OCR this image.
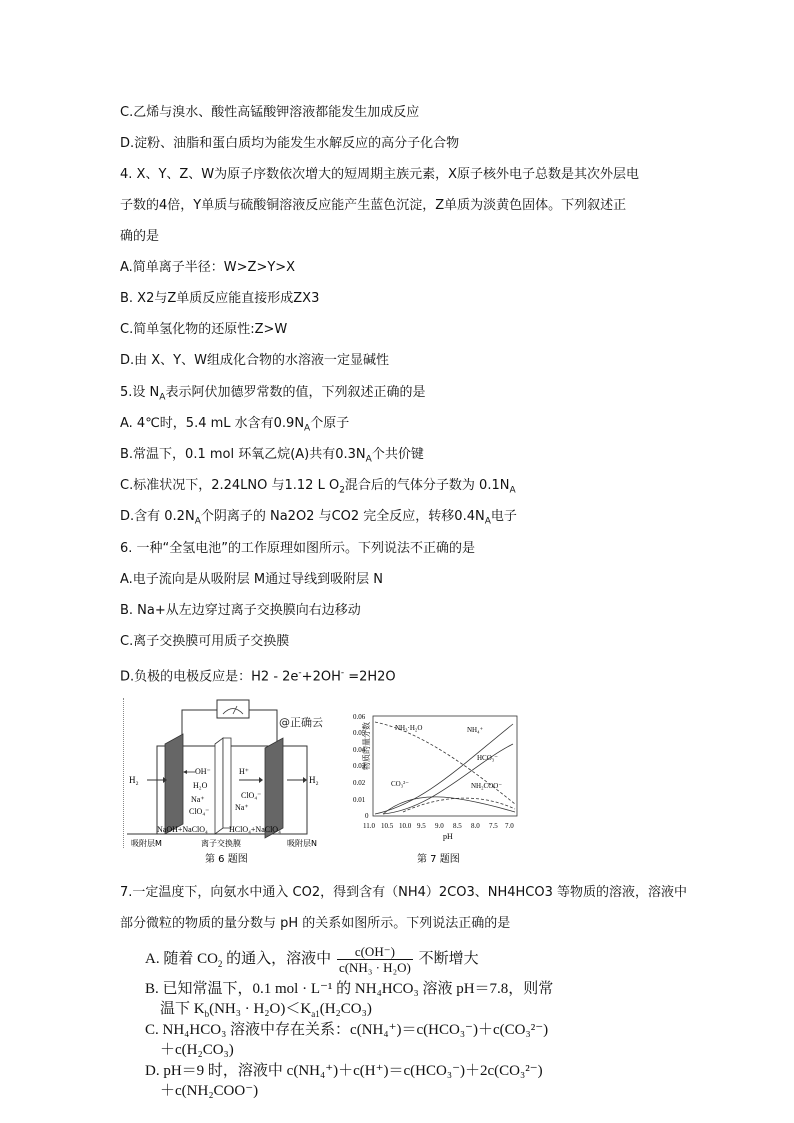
C.乙烯与溴水、酸性高锰酸钾溶液都能发生加成反应
D.淀粉、油脂和蛋白质均为能发生水解反应的高分子化合物
4. X、Y、Z、W为原子序数依次增大的短周期主族元素，X原子核外电子总数是其次外层电
子数的4倍，Y单质与硫酸铜溶液反应能产生蓝色沉淀，Z单质为淡黄色固体。下列叙述正
确的是
A.简单离子半径：W>Z>Y>X
B. X2与Z单质反应能直接形成ZX3
C.简单氢化物的还原性:Z>W
D.由 X、Y、W组成化合物的水溶液一定显碱性
5.设 $N_A$表示阿伏加德罗常数的值，下列叙述正确的是
A. 4℃时，5.4 mL 水含有$0.9N_A$个原子
B.常温下，0.1 mol 环氧乙烷(A)共有$0.3N_A$个共价键
C.标准状况下，2.24LNO 与1.12 L $O_2$混合后的气体分子数为 $0.1N_A$
D.含有 $0.2N_A$个阴离子的 Na2O2 与CO2 完全反应，转移$0.4N_A$电子
6. 一种“全氢电池”的工作原理如图所示。下列说法不正确的是
A.电子流向是从吸附层 M通过导线到吸附层 N
B. Na+从左边穿过离子交换膜向右边移动
C.离子交换膜可用质子交换膜
D.负极的电极反应是：H2 - 2e-+2OH- =2H2O
H₂
OH⁻
H₂O
Na⁺
ClO₄⁻
H⁺
ClO₄⁻
Na⁺
H₂
@正确云
NaOH+NaClO₄	HClO₄+NaClO₄
吸附层M	离子交换膜	吸附层N
第 6 题图
物质的量分数
0.06
0.05
0.04
0.03
0.02
0.01
0
11.0 10.5 10.0 9.5 9.0 8.5 8.0 7.5 7.0
pH
NH₃·H₂O	NH₄⁺
HCO₃⁻
NH₂COO⁻
CO₃²⁻
第 7 题图
7.一定温度下，向氨水中通入 CO2，得到含有（NH4）2CO3、NH4HCO3 等物质的溶液，溶液中
部分微粒的物质的量分数与 pH 的关系如图所示。下列说法正确的是
A. 随着 $CO_2$ 的通入，溶液中 $\frac{c(OH^-)}{\text{c(NH₃ · H₂O)}}$ 不断增大
B. 已知常温下，0.1 mol · L⁻¹ 的 NH₄HCO₃ 溶液 pH＝7.8，则常
温下 $K_b(NH_3 \cdot H_2O)<K_{a1}(H_2CO_3)$
C. NH₄HCO₃ 溶液中存在关系：c(NH₄⁺)＝c(HCO₃⁻)＋c(CO₃²⁻)
＋c(H₂CO₃)
D. pH＝9 时，溶液中 c(NH₄⁺)＋c(H⁺)＝c(HCO₃⁻)＋2c(CO₃²⁻)
＋c(NH₂COO⁻)
